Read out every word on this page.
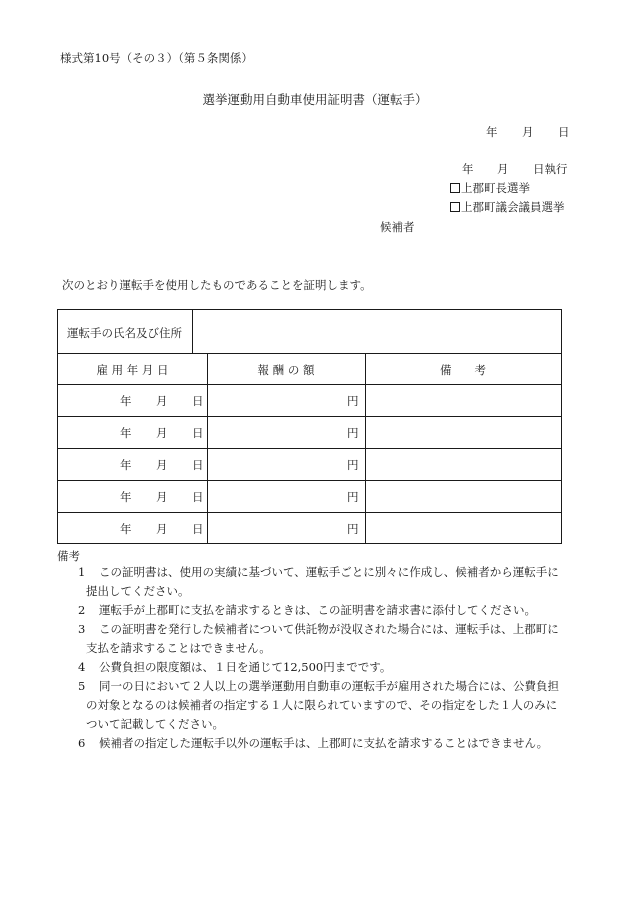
様式第10号（その３）（第５条関係）
選挙運動用自動車使用証明書（運転手）
年 月 日
年 月 日執行
上郡町長選挙
上郡町議会議員選挙
候補者
次のとおり運転手を使用したものであることを証明します。
運転手の氏名及び住所
雇 用 年 月 日	報 酬 の 額	備　　考
年 月 日	円
年 月 日	円
年 月 日	円
年 月 日	円
年 月 日	円
備考
1	この証明書は、使用の実績に基づいて、運転手ごとに別々に作成し、候補者から運転手に
提出してください。
2	運転手が上郡町に支払を請求するときは、この証明書を請求書に添付してください。
3	この証明書を発行した候補者について供託物が没収された場合には、運転手は、上郡町に
支払を請求することはできません。
4	公費負担の限度額は、１日を通じて12,500円までです。
5	同一の日において２人以上の選挙運動用自動車の運転手が雇用された場合には、公費負担
の対象となるのは候補者の指定する１人に限られていますので、その指定をした１人のみに
ついて記載してください。
6	候補者の指定した運転手以外の運転手は、上郡町に支払を請求することはできません。
